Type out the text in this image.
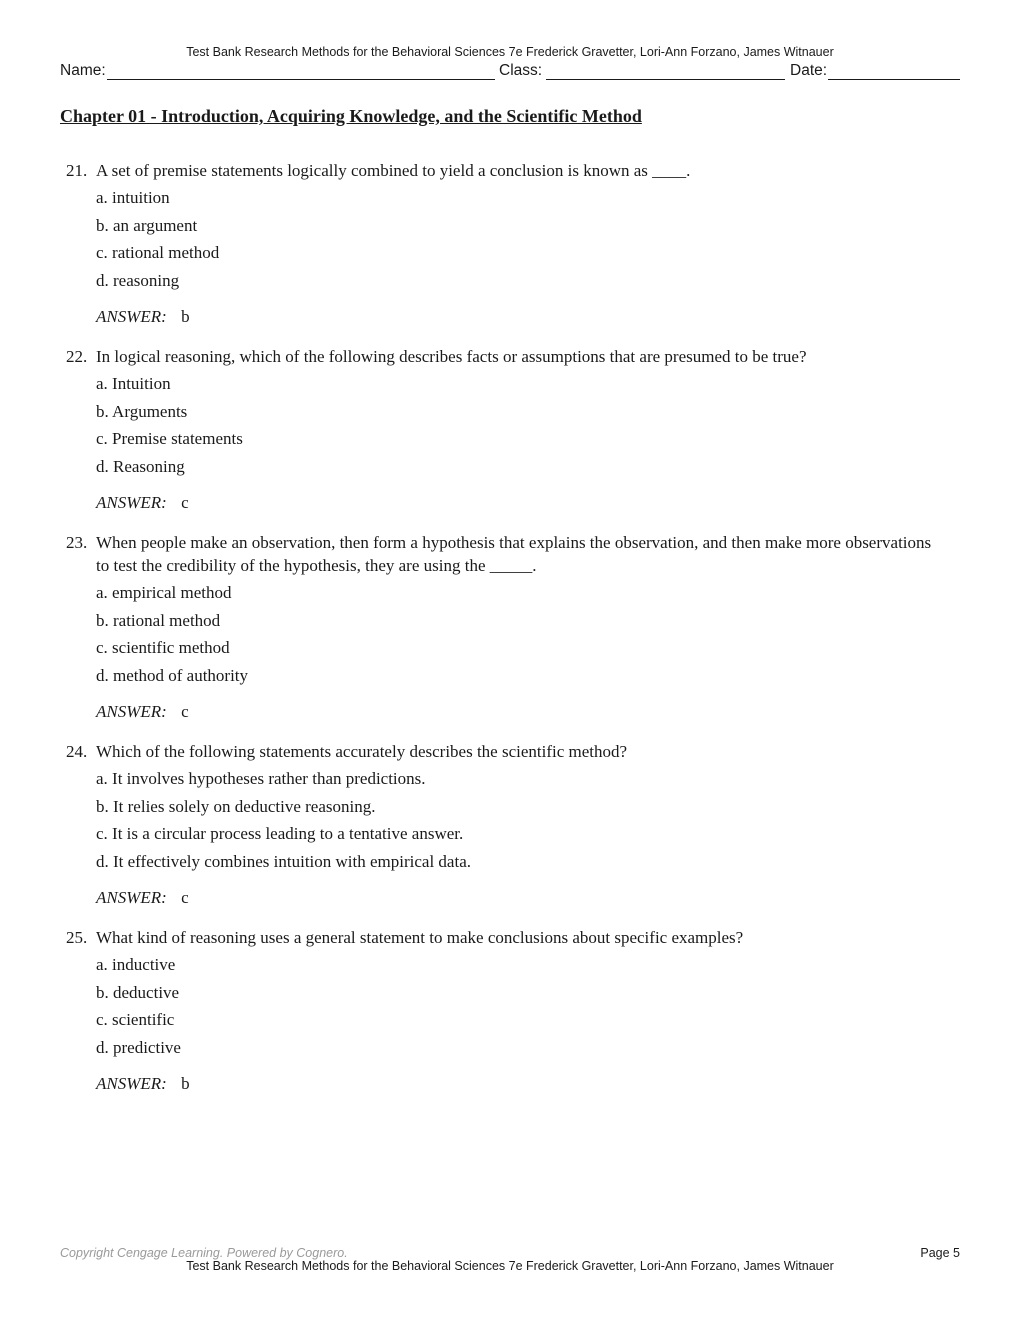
Test Bank Research Methods for the Behavioral Sciences 7e Frederick Gravetter, Lori-Ann Forzano, James Witnauer
Name:	Class:	Date:
Chapter 01 - Introduction, Acquiring Knowledge, and the Scientific Method
21. A set of premise statements logically combined to yield a conclusion is known as ____.
a. intuition
b. an argument
c. rational method
d. reasoning
ANSWER: b
22. In logical reasoning, which of the following describes facts or assumptions that are presumed to be true?
a. Intuition
b. Arguments
c. Premise statements
d. Reasoning
ANSWER: c
23. When people make an observation, then form a hypothesis that explains the observation, and then make more observations to test the credibility of the hypothesis, they are using the _____.
a. empirical method
b. rational method
c. scientific method
d. method of authority
ANSWER: c
24. Which of the following statements accurately describes the scientific method?
a. It involves hypotheses rather than predictions.
b. It relies solely on deductive reasoning.
c. It is a circular process leading to a tentative answer.
d. It effectively combines intuition with empirical data.
ANSWER: c
25. What kind of reasoning uses a general statement to make conclusions about specific examples?
a. inductive
b. deductive
c. scientific
d. predictive
ANSWER: b
Copyright Cengage Learning. Powered by Cognero.	Page 5
Test Bank Research Methods for the Behavioral Sciences 7e Frederick Gravetter, Lori-Ann Forzano, James Witnauer
